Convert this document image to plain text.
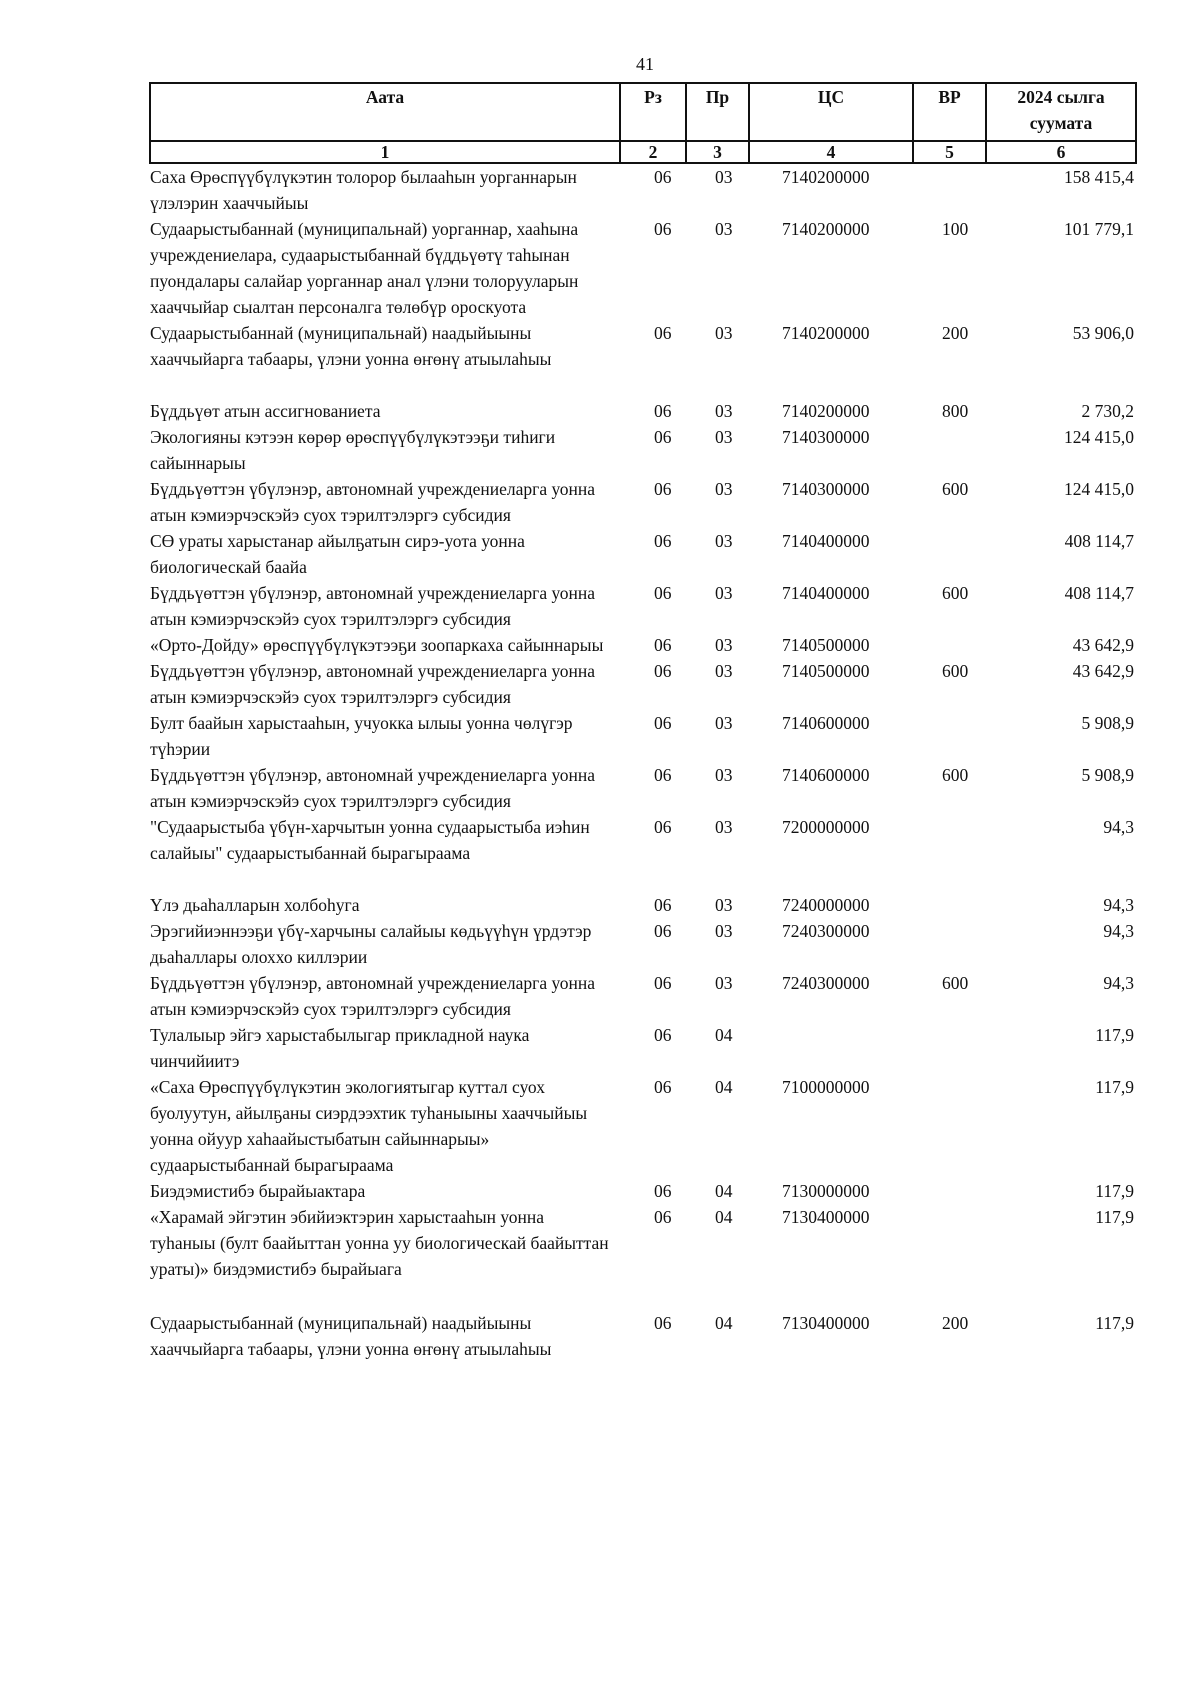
41
Аата	Рз	Пр	ЦС	ВР	2024 сылга суумата
1	2	3	4	5	6
Саха Өрөспүүбүлүкэтин толорор былааһын уорганнарын үлэлэрин хааччыйыы	06	03	7140200000		158 415,4
Судаарыстыбаннай (муниципальнай) уорганнар, хааһына учреждениелара, судаарыстыбаннай бүддьүөтү таһынан пуондалары салайар уорганнар анал үлэни толорууларын хааччыйар сыалтан персоналга төлөбүр ороскуота	06	03	7140200000	100	101 779,1
Судаарыстыбаннай (муниципальнай) наадыйыыны хааччыйарга табаары, үлэни уонна өҥөнү атыылаһыы	06	03	7140200000	200	53 906,0
Бүддьүөт атын ассигнованиета	06	03	7140200000	800	2 730,2
Экологияны кэтээн көрөр өрөспүүбүлүкэтээҕи тиһиги сайыннарыы	06	03	7140300000		124 415,0
Бүддьүөттэн үбүлэнэр, автономнай учреждениеларга уонна атын кэмиэрчэскэйэ суох тэрилтэлэргэ субсидия	06	03	7140300000	600	124 415,0
СӨ ураты харыстанар айылҕатын сирэ-уота уонна биологическай баайа	06	03	7140400000		408 114,7
Бүддьүөттэн үбүлэнэр, автономнай учреждениеларга уонна атын кэмиэрчэскэйэ суох тэрилтэлэргэ субсидия	06	03	7140400000	600	408 114,7
«Орто-Дойду» өрөспүүбүлүкэтээҕи зоопаркаха сайыннарыы	06	03	7140500000		43 642,9
Бүддьүөттэн үбүлэнэр, автономнай учреждениеларга уонна атын кэмиэрчэскэйэ суох тэрилтэлэргэ субсидия	06	03	7140500000	600	43 642,9
Булт баайын харыстааһын, учуокка ылыы уонна чөлүгэр түһэрии	06	03	7140600000		5 908,9
Бүддьүөттэн үбүлэнэр, автономнай учреждениеларга уонна атын кэмиэрчэскэйэ суох тэрилтэлэргэ субсидия	06	03	7140600000	600	5 908,9
"Судаарыстыба үбүн-харчытын уонна судаарыстыба иэһин салайыы" судаарыстыбаннай бырагыраама	06	03	7200000000		94,3
Үлэ дьаһалларын холбоһуга	06	03	7240000000		94,3
Эрэгийиэннээҕи үбү-харчыны салайыы көдьүүһүн үрдэтэр дьаһаллары олоххо киллэрии	06	03	7240300000		94,3
Бүддьүөттэн үбүлэнэр, автономнай учреждениеларга уонна атын кэмиэрчэскэйэ суох тэрилтэлэргэ субсидия	06	03	7240300000	600	94,3
Тулалыыр эйгэ харыстабылыгар прикладной наука чинчийиитэ	06	04			117,9
«Саха Өрөспүүбүлүкэтин экологиятыгар куттал суох буолуутун, айылҕаны сиэрдээхтик туһаныыны хааччыйыы уонна ойуур хаһаайыстыбатын сайыннарыы» судаарыстыбаннай бырагыраама	06	04	7100000000		117,9
Биэдэмистибэ бырайыактара	06	04	7130000000		117,9
«Харамай эйгэтин эбийиэктэрин харыстааһын уонна туһаныы (булт баайыттан уонна уу биологическай баайыттан ураты)» биэдэмистибэ бырайыага	06	04	7130400000		117,9
Судаарыстыбаннай (муниципальнай) наадыйыыны хааччыйарга табаары, үлэни уонна өҥөнү атыылаһыы	06	04	7130400000	200	117,9
